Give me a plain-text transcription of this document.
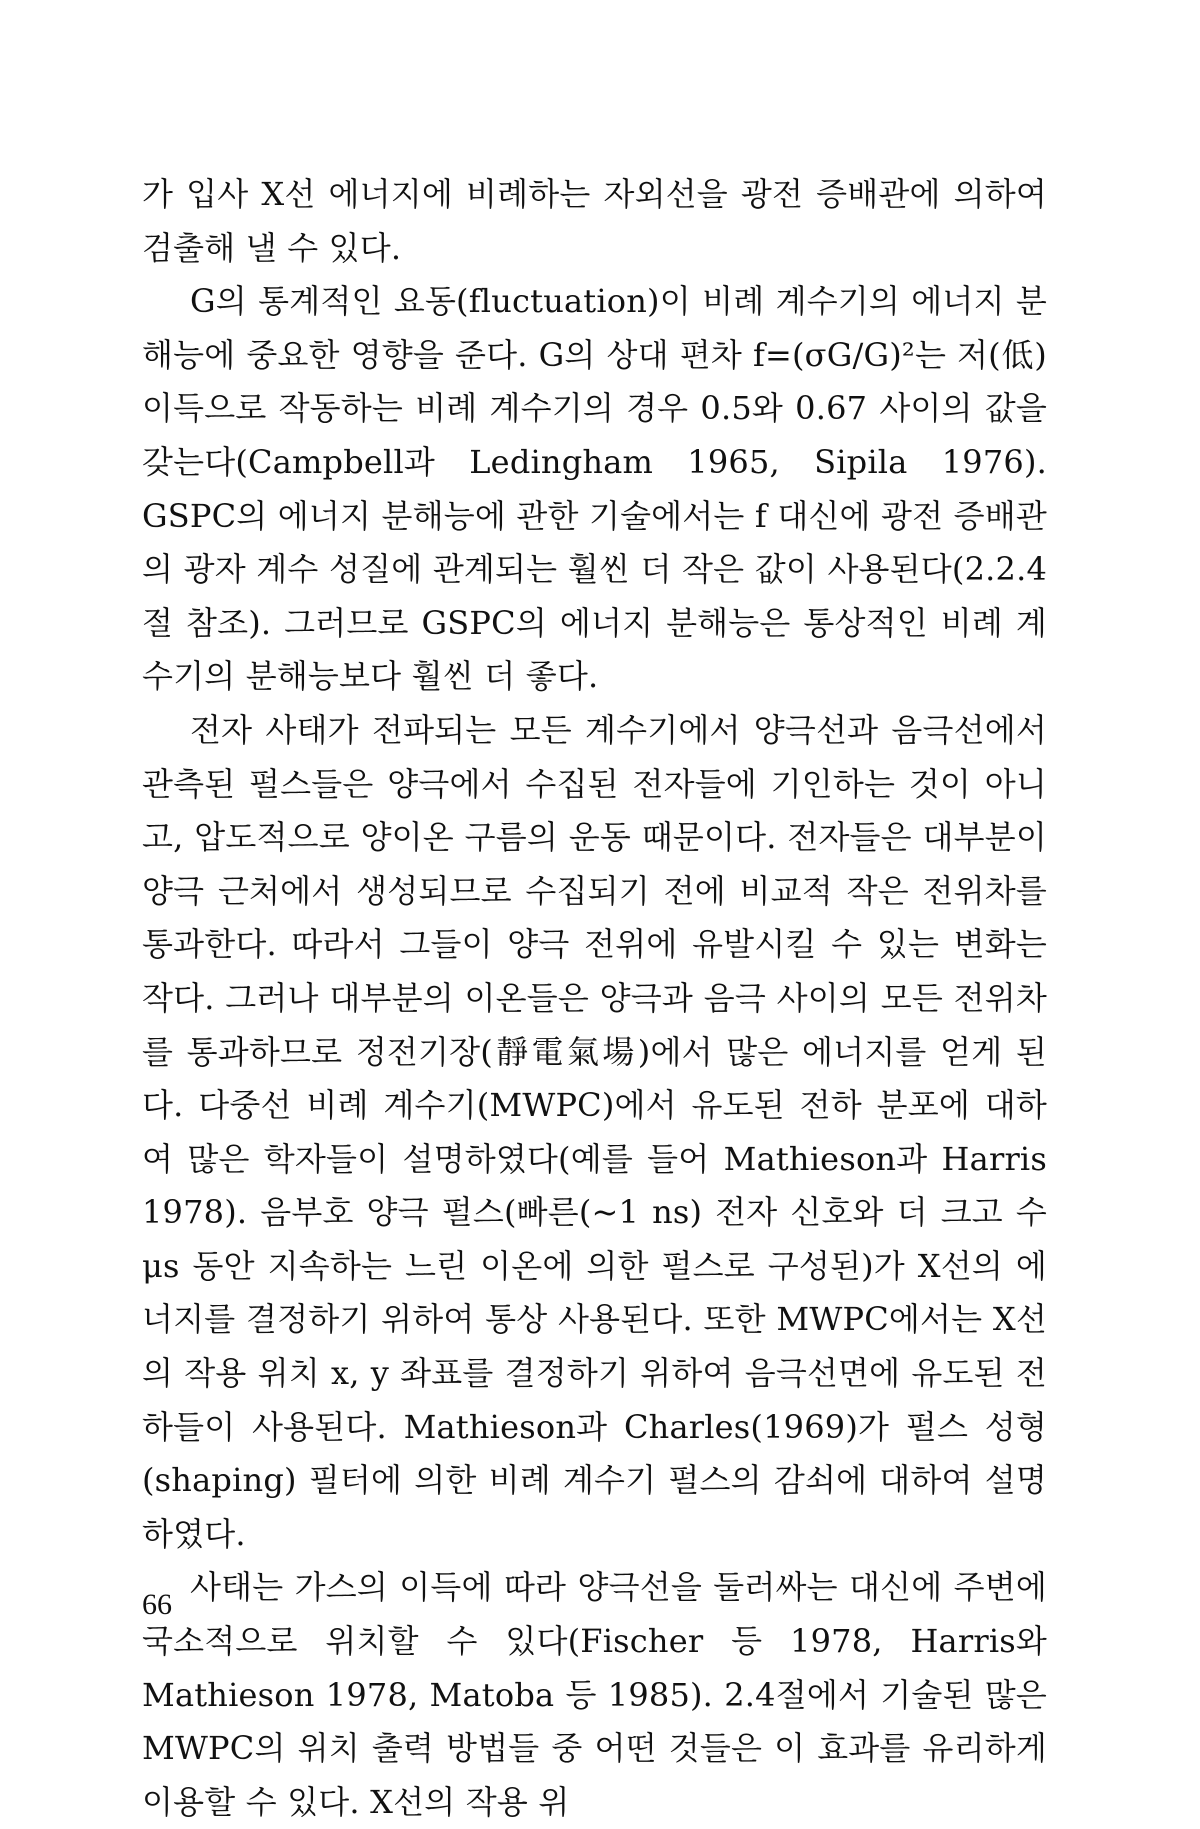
가 입사 X선 에너지에 비례하는 자외선을 광전 증배관에 의하여 검출해 낼 수 있다.

G의 통계적인 요동(fluctuation)이 비례 계수기의 에너지 분해능에 중요한 영향을 준다. G의 상대 편차 f=(σG/G)²는 저(低)이득으로 작동하는 비례 계수기의 경우 0.5와 0.67 사이의 값을 갖는다(Campbell과 Ledingham 1965, Sipila 1976). GSPC의 에너지 분해능에 관한 기술에서는 f 대신에 광전 증배관의 광자 계수 성질에 관계되는 훨씬 더 작은 값이 사용된다(2.2.4절 참조). 그러므로 GSPC의 에너지 분해능은 통상적인 비례 계수기의 분해능보다 훨씬 더 좋다.

전자 사태가 전파되는 모든 계수기에서 양극선과 음극선에서 관측된 펄스들은 양극에서 수집된 전자들에 기인하는 것이 아니고, 압도적으로 양이온 구름의 운동 때문이다. 전자들은 대부분이 양극 근처에서 생성되므로 수집되기 전에 비교적 작은 전위차를 통과한다. 따라서 그들이 양극 전위에 유발시킬 수 있는 변화는 작다. 그러나 대부분의 이온들은 양극과 음극 사이의 모든 전위차를 통과하므로 정전기장(靜電氣場)에서 많은 에너지를 얻게 된다. 다중선 비례 계수기(MWPC)에서 유도된 전하 분포에 대하여 많은 학자들이 설명하였다(예를 들어 Mathieson과 Harris 1978). 음부호 양극 펄스(빠른(~1 ns) 전자 신호와 더 크고 수 μs 동안 지속하는 느린 이온에 의한 펄스로 구성된)가 X선의 에너지를 결정하기 위하여 통상 사용된다. 또한 MWPC에서는 X선의 작용 위치 x, y 좌표를 결정하기 위하여 음극선면에 유도된 전하들이 사용된다. Mathieson과 Charles(1969)가 펄스 성형(shaping) 필터에 의한 비례 계수기 펄스의 감쇠에 대하여 설명하였다.

사태는 가스의 이득에 따라 양극선을 둘러싸는 대신에 주변에 국소적으로 위치할 수 있다(Fischer 등 1978, Harris와 Mathieson 1978, Matoba 등 1985). 2.4절에서 기술된 많은 MWPC의 위치 출력 방법들 중 어떤 것들은 이 효과를 유리하게 이용할 수 있다. X선의 작용 위

66
